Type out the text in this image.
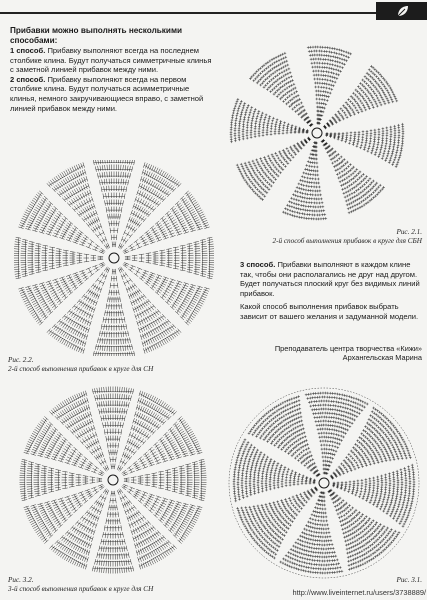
Прибавки можно выполнять несколькими способами:

1 способ. Прибавку выполняют всегда на последнем столбике клина. Будут получаться симметричные клинья с заметной линией прибавок между ними.

2 способ. Прибавку выполняют всегда на первом столбике клина. Будут получаться асимметричные клинья, немного закручивающиеся вправо, с заметной линией прибавок между ними.

Рис. 2.1.
2-й способ выполнения прибавок в круге для СБН
Рис. 2.2.
2-й способ выполнения прибавок в круге для СН

3 способ. Прибавки выполняют в каждом клине так, чтобы они располагались не друг над другом. Будет получаться плоский круг без видимых линий прибавок.

Какой способ выполнения прибавок выбрать зависит от вашего желания и задуманной модели.

Преподаватель центра творчества «Кижи»

Архангельская Марина

Рис. 3.2.
3-й способ выполнения прибавок в круге для СН
Рис. 3.1.
http://www.liveinternet.ru/users/3738889/
